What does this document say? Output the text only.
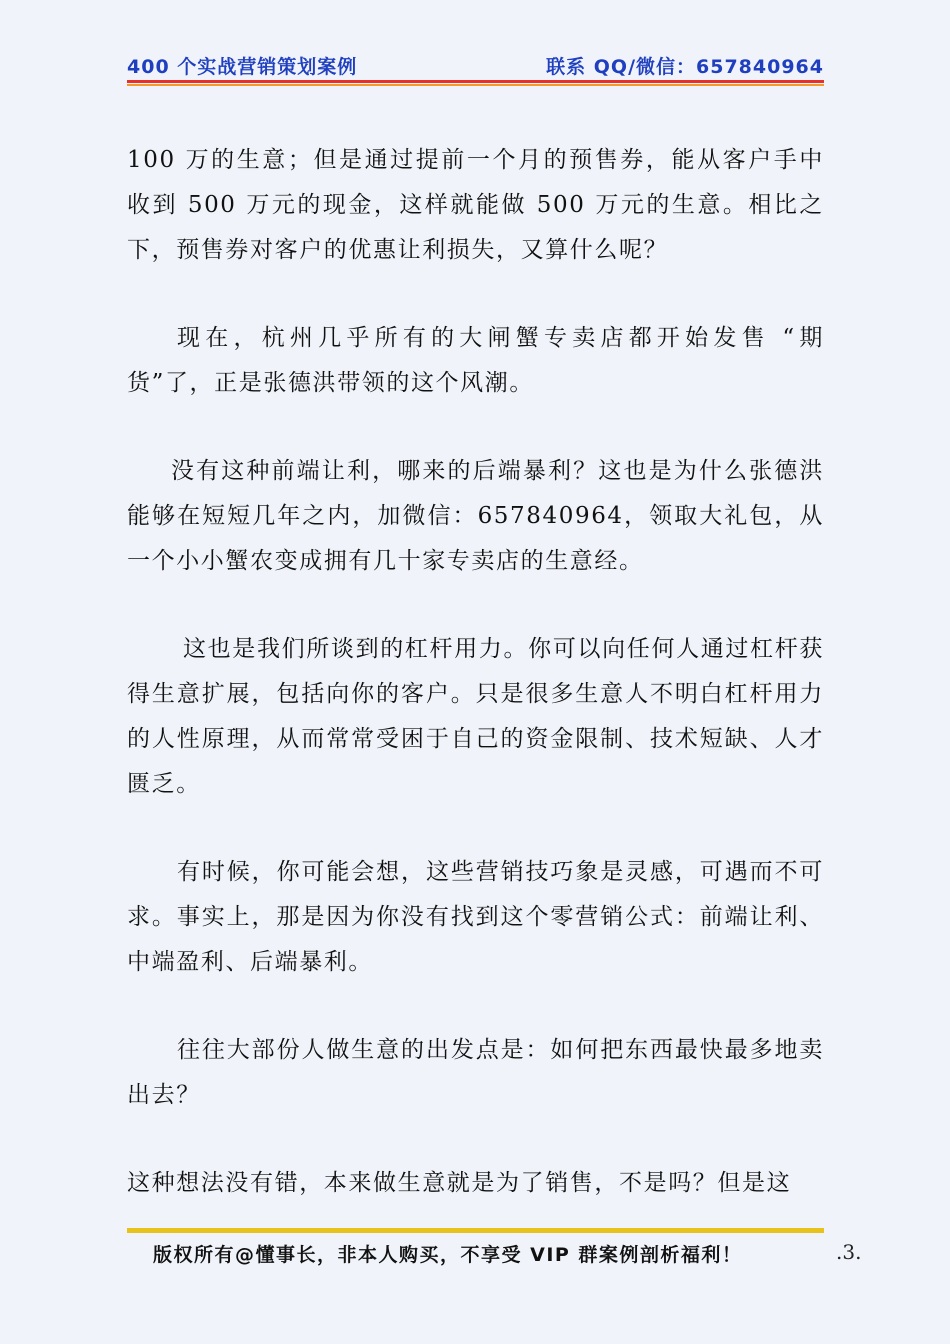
400 个实战营销策划案例	联系 QQ/微信：657840964

100 万的生意；但是通过提前一个月的预售券，能从客户手中收到 500 万元的现金，这样就能做 500 万元的生意。相比之下，预售券对客户的优惠让利损失，又算什么呢？

现在，杭州几乎所有的大闸蟹专卖店都开始发售 “期货”了，正是张德洪带领的这个风潮。

没有这种前端让利，哪来的后端暴利？这也是为什么张德洪能够在短短几年之内，加微信：657840964，领取大礼包，从一个小小蟹农变成拥有几十家专卖店的生意经。

这也是我们所谈到的杠杆用力。你可以向任何人通过杠杆获得生意扩展，包括向你的客户。只是很多生意人不明白杠杆用力的人性原理，从而常常受困于自己的资金限制、技术短缺、人才匮乏。

有时候，你可能会想，这些营销技巧象是灵感，可遇而不可求。事实上，那是因为你没有找到这个零营销公式：前端让利、中端盈利、后端暴利。

往往大部份人做生意的出发点是：如何把东西最快最多地卖出去？

这种想法没有错，本来做生意就是为了销售，不是吗？但是这

版权所有@懂事长，非本人购买，不享受 VIP 群案例剖析福利！	.3.
